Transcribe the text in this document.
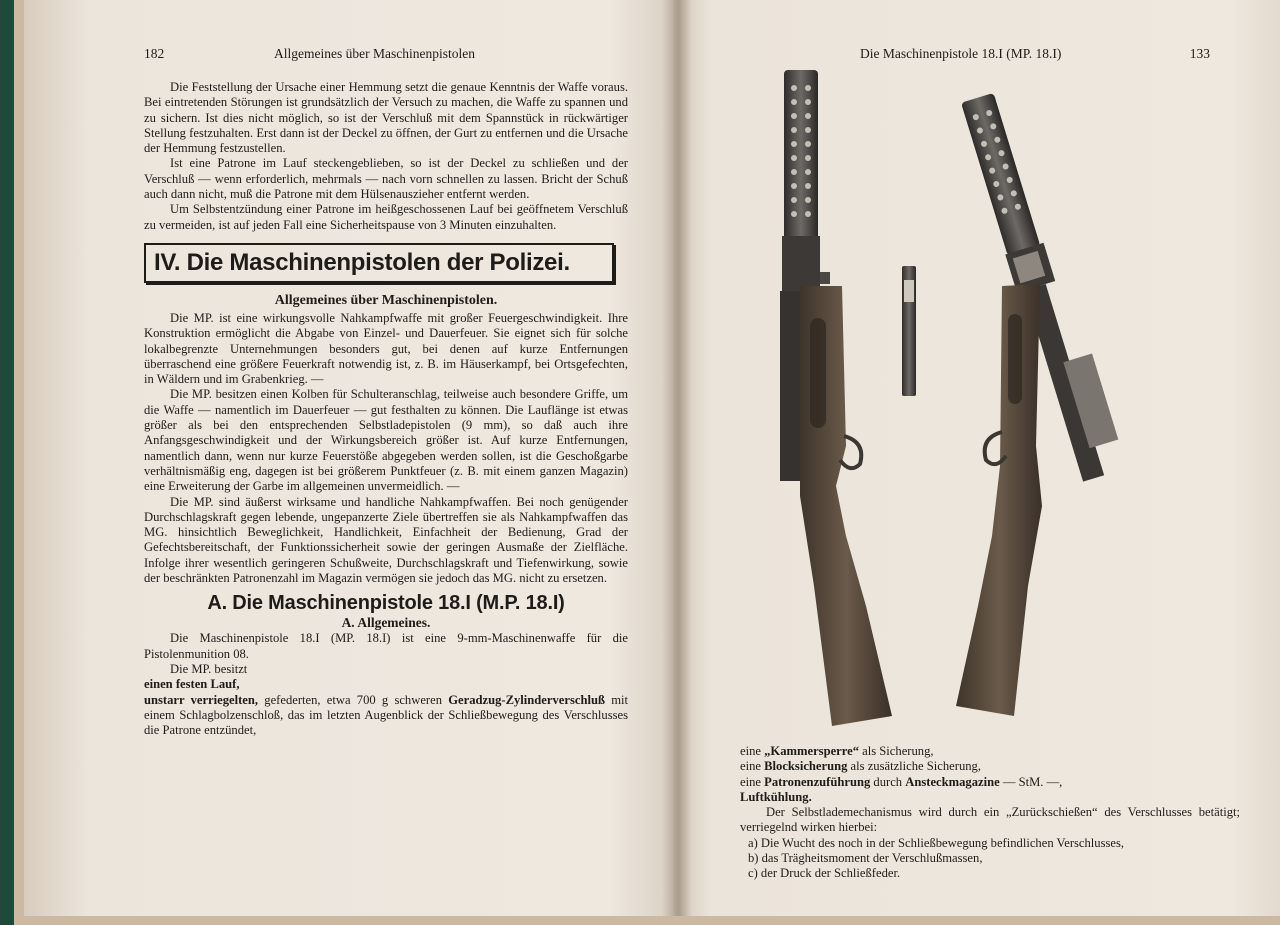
182	Allgemeines über Maschinenpistolen

Die Feststellung der Ursache einer Hemmung setzt die genaue Kenntnis der Waffe voraus. Bei eintretenden Störungen ist grundsätzlich der Versuch zu machen, die Waffe zu spannen und zu sichern. Ist dies nicht möglich, so ist der Verschluß mit dem Spannstück in rückwärtiger Stellung festzuhalten. Erst dann ist der Deckel zu öffnen, der Gurt zu entfernen und die Ursache der Hemmung festzustellen.

Ist eine Patrone im Lauf steckengeblieben, so ist der Deckel zu schließen und der Verschluß — wenn erforderlich, mehrmals — nach vorn schnellen zu lassen. Bricht der Schuß auch dann nicht, muß die Patrone mit dem Hülsenauszieher entfernt werden.

Um Selbstentzündung einer Patrone im heißgeschossenen Lauf bei geöffnetem Verschluß zu vermeiden, ist auf jeden Fall eine Sicherheitspause von 3 Minuten einzuhalten.

IV. Die Maschinenpistolen der Polizei.
Allgemeines über Maschinenpistolen.

Die MP. ist eine wirkungsvolle Nahkampfwaffe mit großer Feuergeschwindigkeit. Ihre Konstruktion ermöglicht die Abgabe von Einzel- und Dauerfeuer. Sie eignet sich für solche lokalbegrenzte Unternehmungen besonders gut, bei denen auf kurze Entfernungen überraschend eine größere Feuerkraft notwendig ist, z. B. im Häuserkampf, bei Ortsgefechten, in Wäldern und im Grabenkrieg. —

Die MP. besitzen einen Kolben für Schulteranschlag, teilweise auch besondere Griffe, um die Waffe — namentlich im Dauerfeuer — gut festhalten zu können. Die Lauflänge ist etwas größer als bei den entsprechenden Selbstladepistolen (9 mm), so daß auch ihre Anfangsgeschwindigkeit und der Wirkungsbereich größer ist. Auf kurze Entfernungen, namentlich dann, wenn nur kurze Feuerstöße abgegeben werden sollen, ist die Geschoßgarbe verhältnismäßig eng, dagegen ist bei größerem Punktfeuer (z. B. mit einem ganzen Magazin) eine Erweiterung der Garbe im allgemeinen unvermeidlich. —

Die MP. sind äußerst wirksame und handliche Nahkampfwaffen. Bei noch genügender Durchschlagskraft gegen lebende, ungepanzerte Ziele übertreffen sie als Nahkampfwaffen das MG. hinsichtlich Beweglichkeit, Handlichkeit, Einfachheit der Bedienung, Grad der Gefechtsbereitschaft, der Funktionssicherheit sowie der geringen Ausmaße der Zielfläche. Infolge ihrer wesentlich geringeren Schußweite, Durchschlagskraft und Tiefenwirkung, sowie der beschränkten Patronenzahl im Magazin vermögen sie jedoch das MG. nicht zu ersetzen.

A. Die Maschinenpistole 18.I (M.P. 18.I)
A. Allgemeines.

Die Maschinenpistole 18.I (MP. 18.I) ist eine 9-mm-Maschinenwaffe für die Pistolenmunition 08.

Die MP. besitzt

einen festen Lauf,

unstarr verriegelten, gefederten, etwa 700 g schweren Geradzug-Zylinderverschluß mit einem Schlagbolzenschloß, das im letzten Augenblick der Schließbewegung des Verschlusses die Patrone entzündet,

Die Maschinenpistole 18.I (MP. 18.I)	133

eine „Kammersperre“ als Sicherung,

eine Blocksicherung als zusätzliche Sicherung,

eine Patronenzuführung durch Ansteckmagazine — StM. —,

Luftkühlung.

Der Selbstlademechanismus wird durch ein „Zurückschießen“ des Verschlusses betätigt; verriegelnd wirken hierbei:

a) Die Wucht des noch in der Schließbewegung befindlichen Verschlusses,

b) das Trägheitsmoment der Verschlußmassen,

c) der Druck der Schließfeder.
